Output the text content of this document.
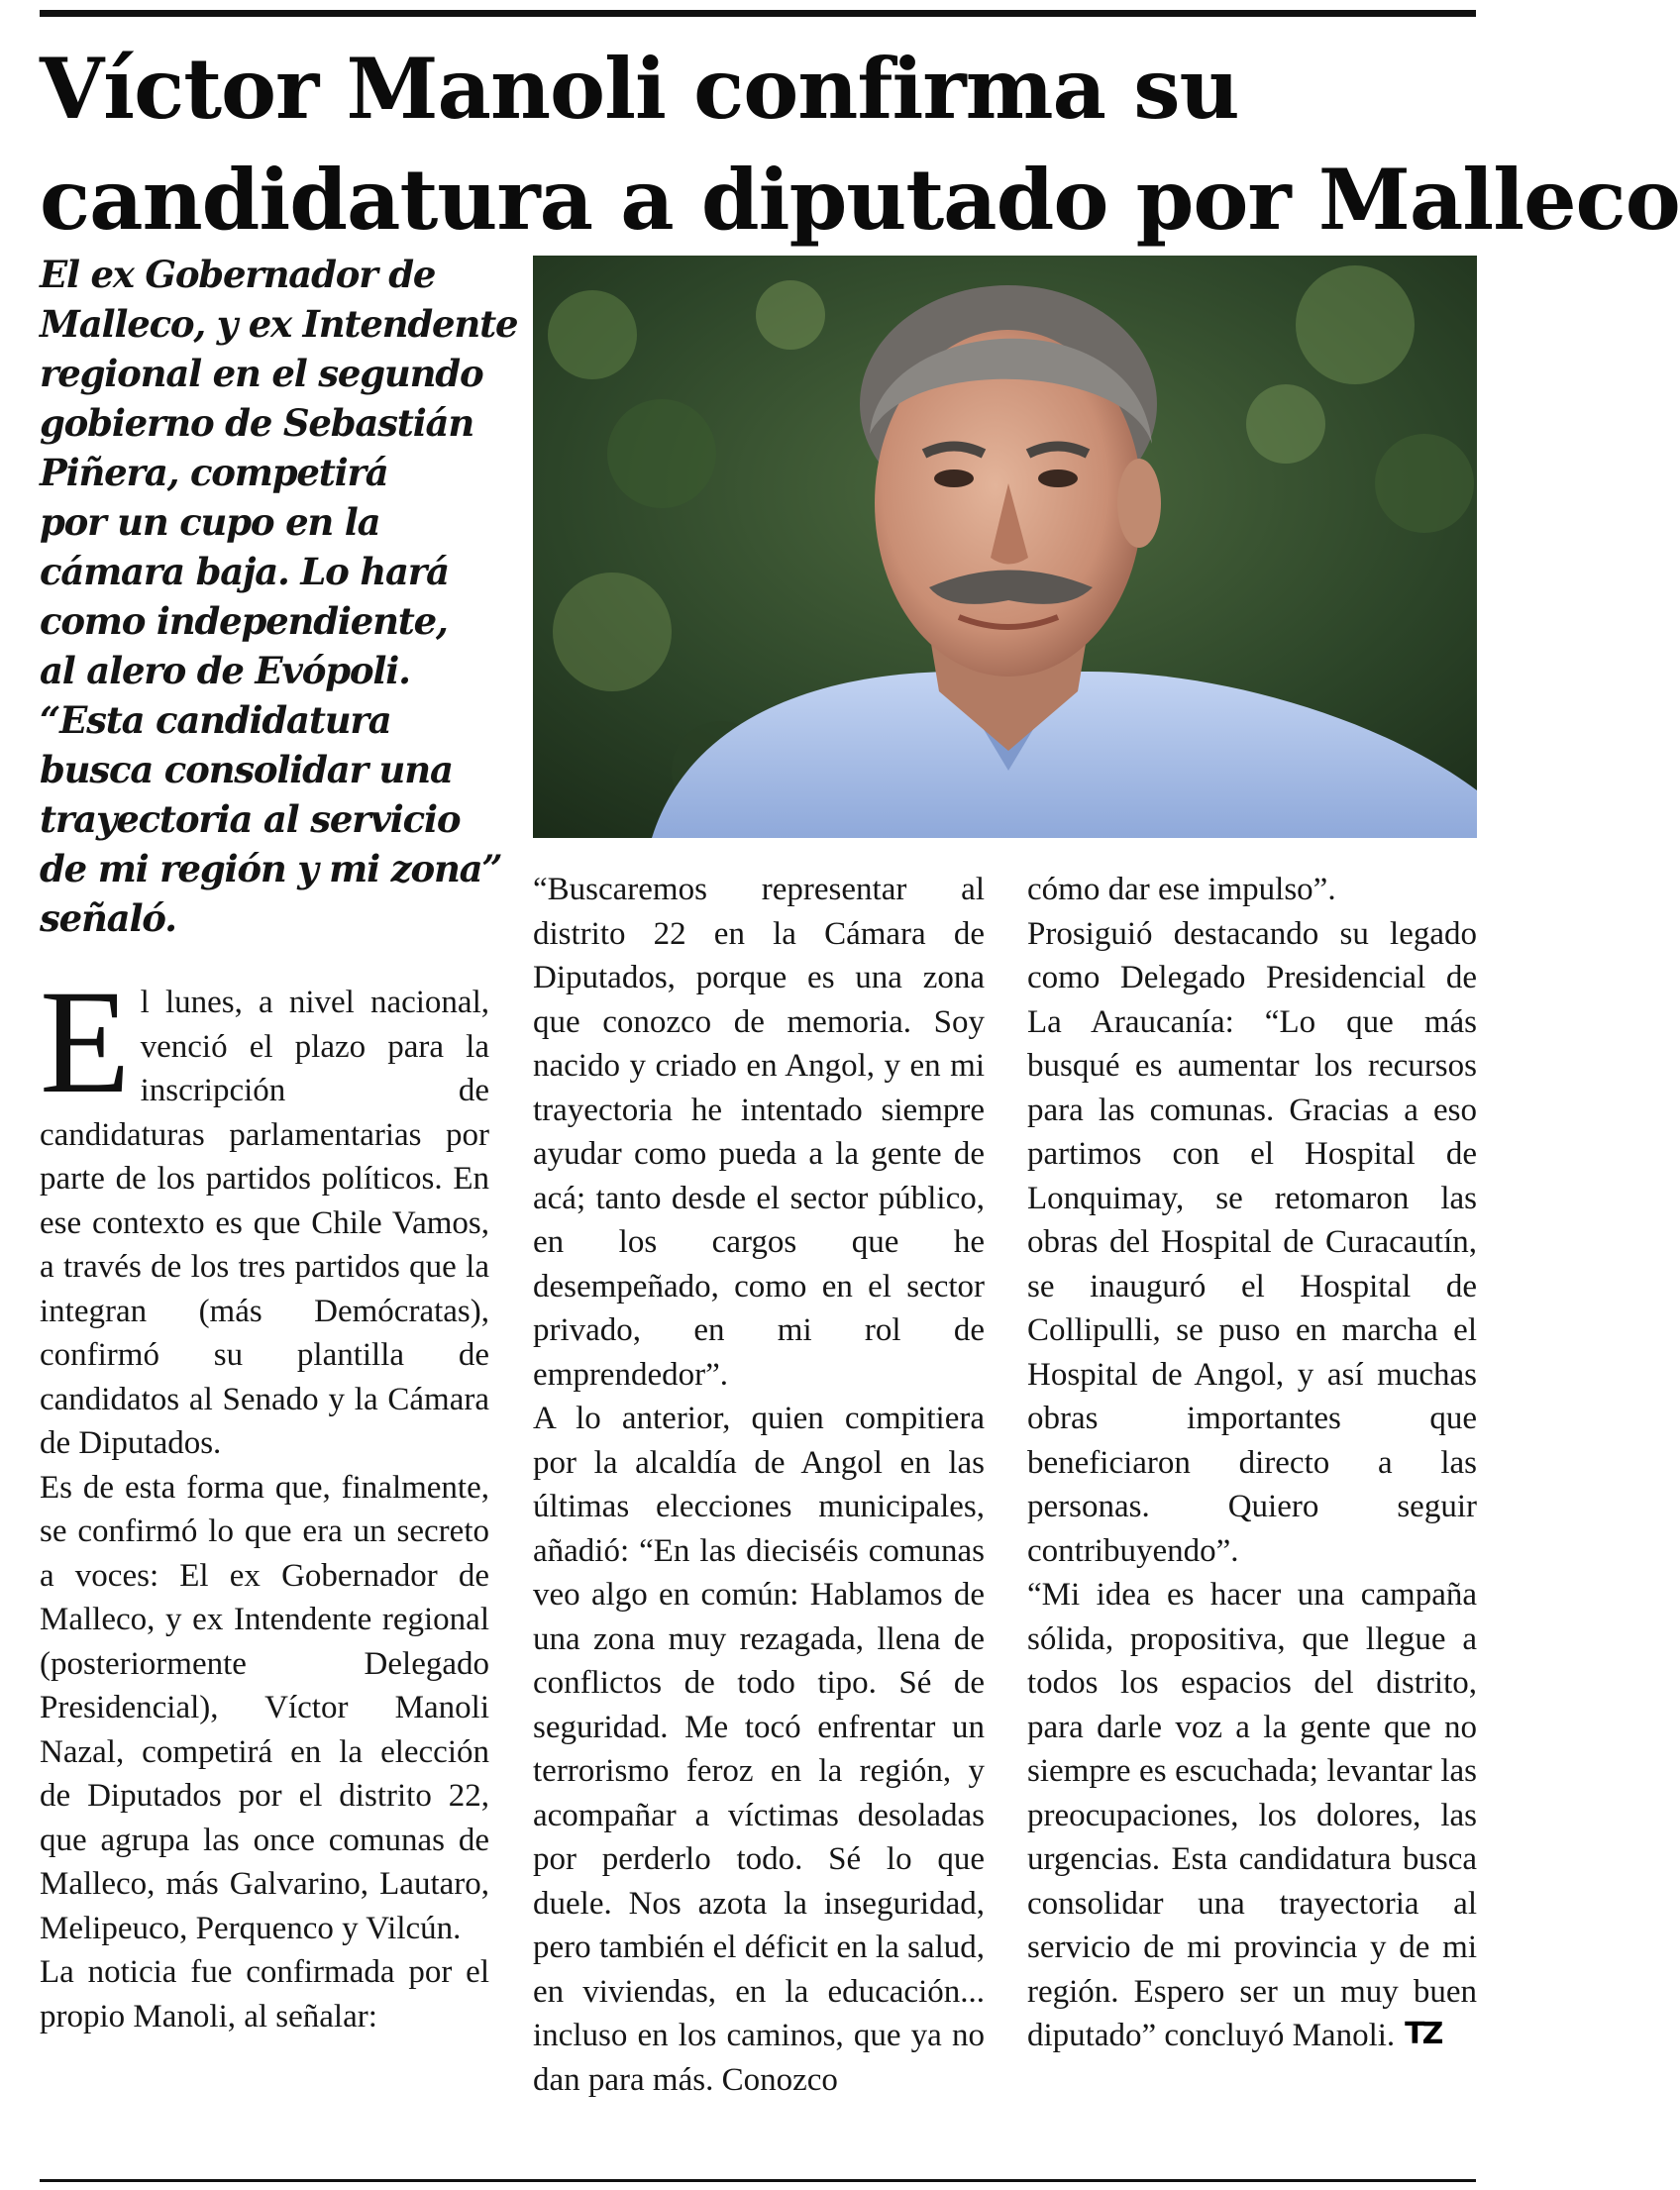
Víctor Manoli confirma su
candidatura a diputado por Malleco
El ex Gobernador de
Malleco, y ex Intendente
regional en el segundo
gobierno de Sebastián
Piñera, competirá
por un cupo en la
cámara baja. Lo hará
como independiente,
al alero de Evópoli.
“Esta candidatura
busca consolidar una
trayectoria al servicio
de mi región y mi zona”
señaló.

El lunes, a nivel nacional, venció el plazo para la inscripción de candidaturas parlamentarias por parte de los partidos políticos. En ese contexto es que Chile Vamos, a través de los tres partidos que la integran (más Demócratas), confirmó su plantilla de candidatos al Senado y la Cámara de Diputados.

Es de esta forma que, finalmente, se confirmó lo que era un secreto a voces: El ex Gobernador de Malleco, y ex Intendente regional (posteriormente Delegado Presidencial), Víctor Manoli Nazal, competirá en la elección de Diputados por el distrito 22, que agrupa las once comunas de Malleco, más Galvarino, Lautaro, Melipeuco, Perquenco y Vilcún.

La noticia fue confirmada por el propio Manoli, al señalar:

“Buscaremos representar al distrito 22 en la Cámara de Diputados, porque es una zona que conozco de memoria. Soy nacido y criado en Angol, y en mi trayectoria he intentado siempre ayudar como pueda a la gente de acá; tanto desde el sector público, en los cargos que he desempeñado, como en el sector privado, en mi rol de emprendedor”.

A lo anterior, quien compitiera por la alcaldía de Angol en las últimas elecciones municipales, añadió: “En las dieciséis comunas veo algo en común: Hablamos de una zona muy rezagada, llena de conflictos de todo tipo. Sé de seguridad. Me tocó enfrentar un terrorismo feroz en la región, y acompañar a víctimas desoladas por perderlo todo. Sé lo que duele. Nos azota la inseguridad, pero también el déficit en la salud, en viviendas, en la educación... incluso en los caminos, que ya no dan para más. Conozco

cómo dar ese impulso”.

Prosiguió destacando su legado como Delegado Presidencial de La Araucanía: “Lo que más busqué es aumentar los recursos para las comunas. Gracias a eso partimos con el Hospital de Lonquimay, se retomaron las obras del Hospital de Curacautín, se inauguró el Hospital de Collipulli, se puso en marcha el Hospital de Angol, y así muchas obras importantes que beneficiaron directo a las personas. Quiero seguir contribuyendo”.

“Mi idea es hacer una campaña sólida, propositiva, que llegue a todos los espacios del distrito, para darle voz a la gente que no siempre es escuchada; levantar las preocupaciones, los dolores, las urgencias. Esta candidatura busca consolidar una trayectoria al servicio de mi provincia y de mi región. Espero ser un muy buen diputado” concluyó Manoli. TZ
